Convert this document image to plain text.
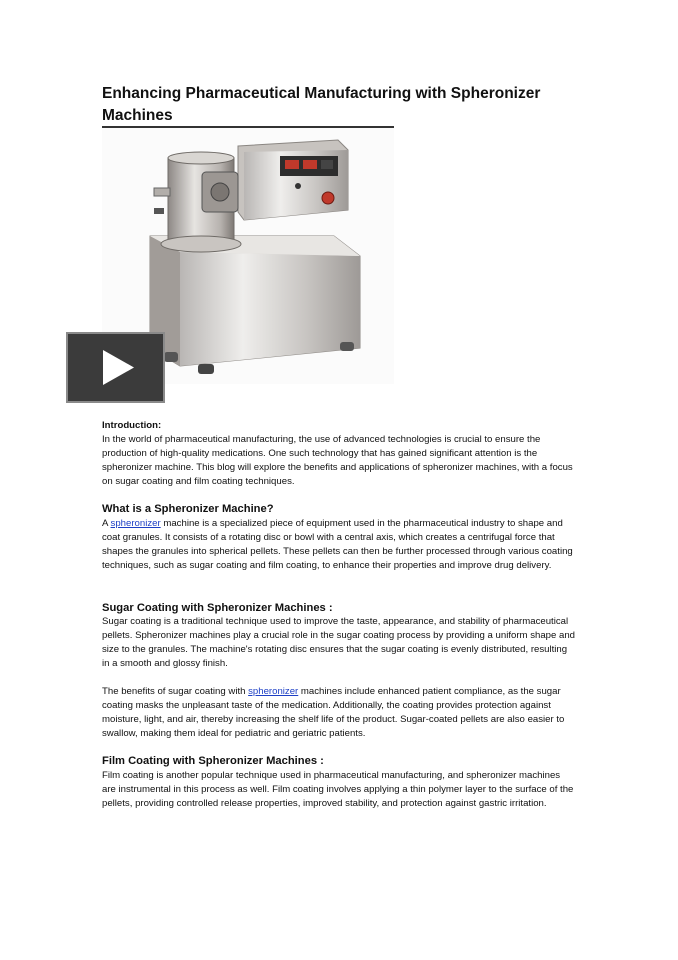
Enhancing Pharmaceutical Manufacturing with Spheronizer Machines

Introduction:
In the world of pharmaceutical manufacturing, the use of advanced technologies is crucial to ensure the production of high-quality medications. One such technology that has gained significant attention is the spheronizer machine. This blog will explore the benefits and applications of spheronizer machines, with a focus on sugar coating and film coating techniques.

What is a Spheronizer Machine?

A spheronizer machine is a specialized piece of equipment used in the pharmaceutical industry to shape and coat granules. It consists of a rotating disc or bowl with a central axis, which creates a centrifugal force that shapes the granules into spherical pellets. These pellets can then be further processed through various coating techniques, such as sugar coating and film coating, to enhance their properties and improve drug delivery.

Sugar Coating with Spheronizer Machines :

Sugar coating is a traditional technique used to improve the taste, appearance, and stability of pharmaceutical pellets. Spheronizer machines play a crucial role in the sugar coating process by providing a uniform shape and size to the granules. The machine's rotating disc ensures that the sugar coating is evenly distributed, resulting in a smooth and glossy finish.

The benefits of sugar coating with spheronizer machines include enhanced patient compliance, as the sugar coating masks the unpleasant taste of the medication. Additionally, the coating provides protection against moisture, light, and air, thereby increasing the shelf life of the product. Sugar-coated pellets are also easier to swallow, making them ideal for pediatric and geriatric patients.

Film Coating with Spheronizer Machines :

Film coating is another popular technique used in pharmaceutical manufacturing, and spheronizer machines are instrumental in this process as well. Film coating involves applying a thin polymer layer to the surface of the pellets, providing controlled release properties, improved stability, and protection against gastric irritation.
